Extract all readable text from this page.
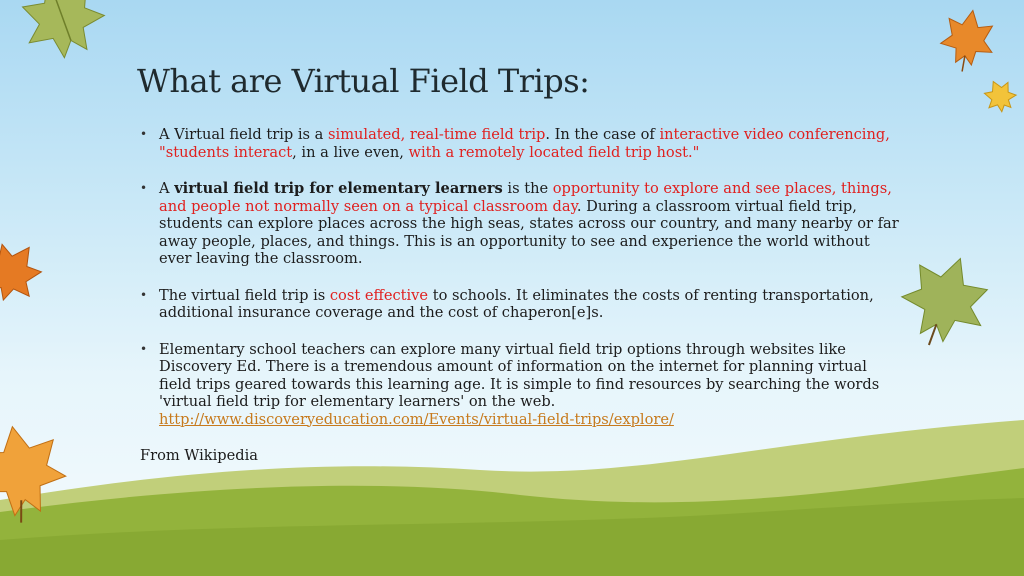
What are Virtual Field Trips:
• A Virtual field trip is a simulated, real-time field trip. In the case of interactive video conferencing, "students interact, in a live even, with a remotely located field trip host."
• A virtual field trip for elementary learners is the opportunity to explore and see places, things, and people not normally seen on a typical classroom day. During a classroom virtual field trip, students can explore places across the high seas, states across our country, and many nearby or far away people, places, and things. This is an opportunity to see and experience the world without ever leaving the classroom.
• The virtual field trip is cost effective to schools. It eliminates the costs of renting transportation, additional insurance coverage and the cost of chaperon[e]s.
• Elementary school teachers can explore many virtual field trip options through websites like Discovery Ed. There is a tremendous amount of information on the internet for planning virtual field trips geared towards this learning age. It is simple to find resources by searching the words 'virtual field trip for elementary learners' on the web.
http://www.discoveryeducation.com/Events/virtual-field-trips/explore/
From Wikipedia
